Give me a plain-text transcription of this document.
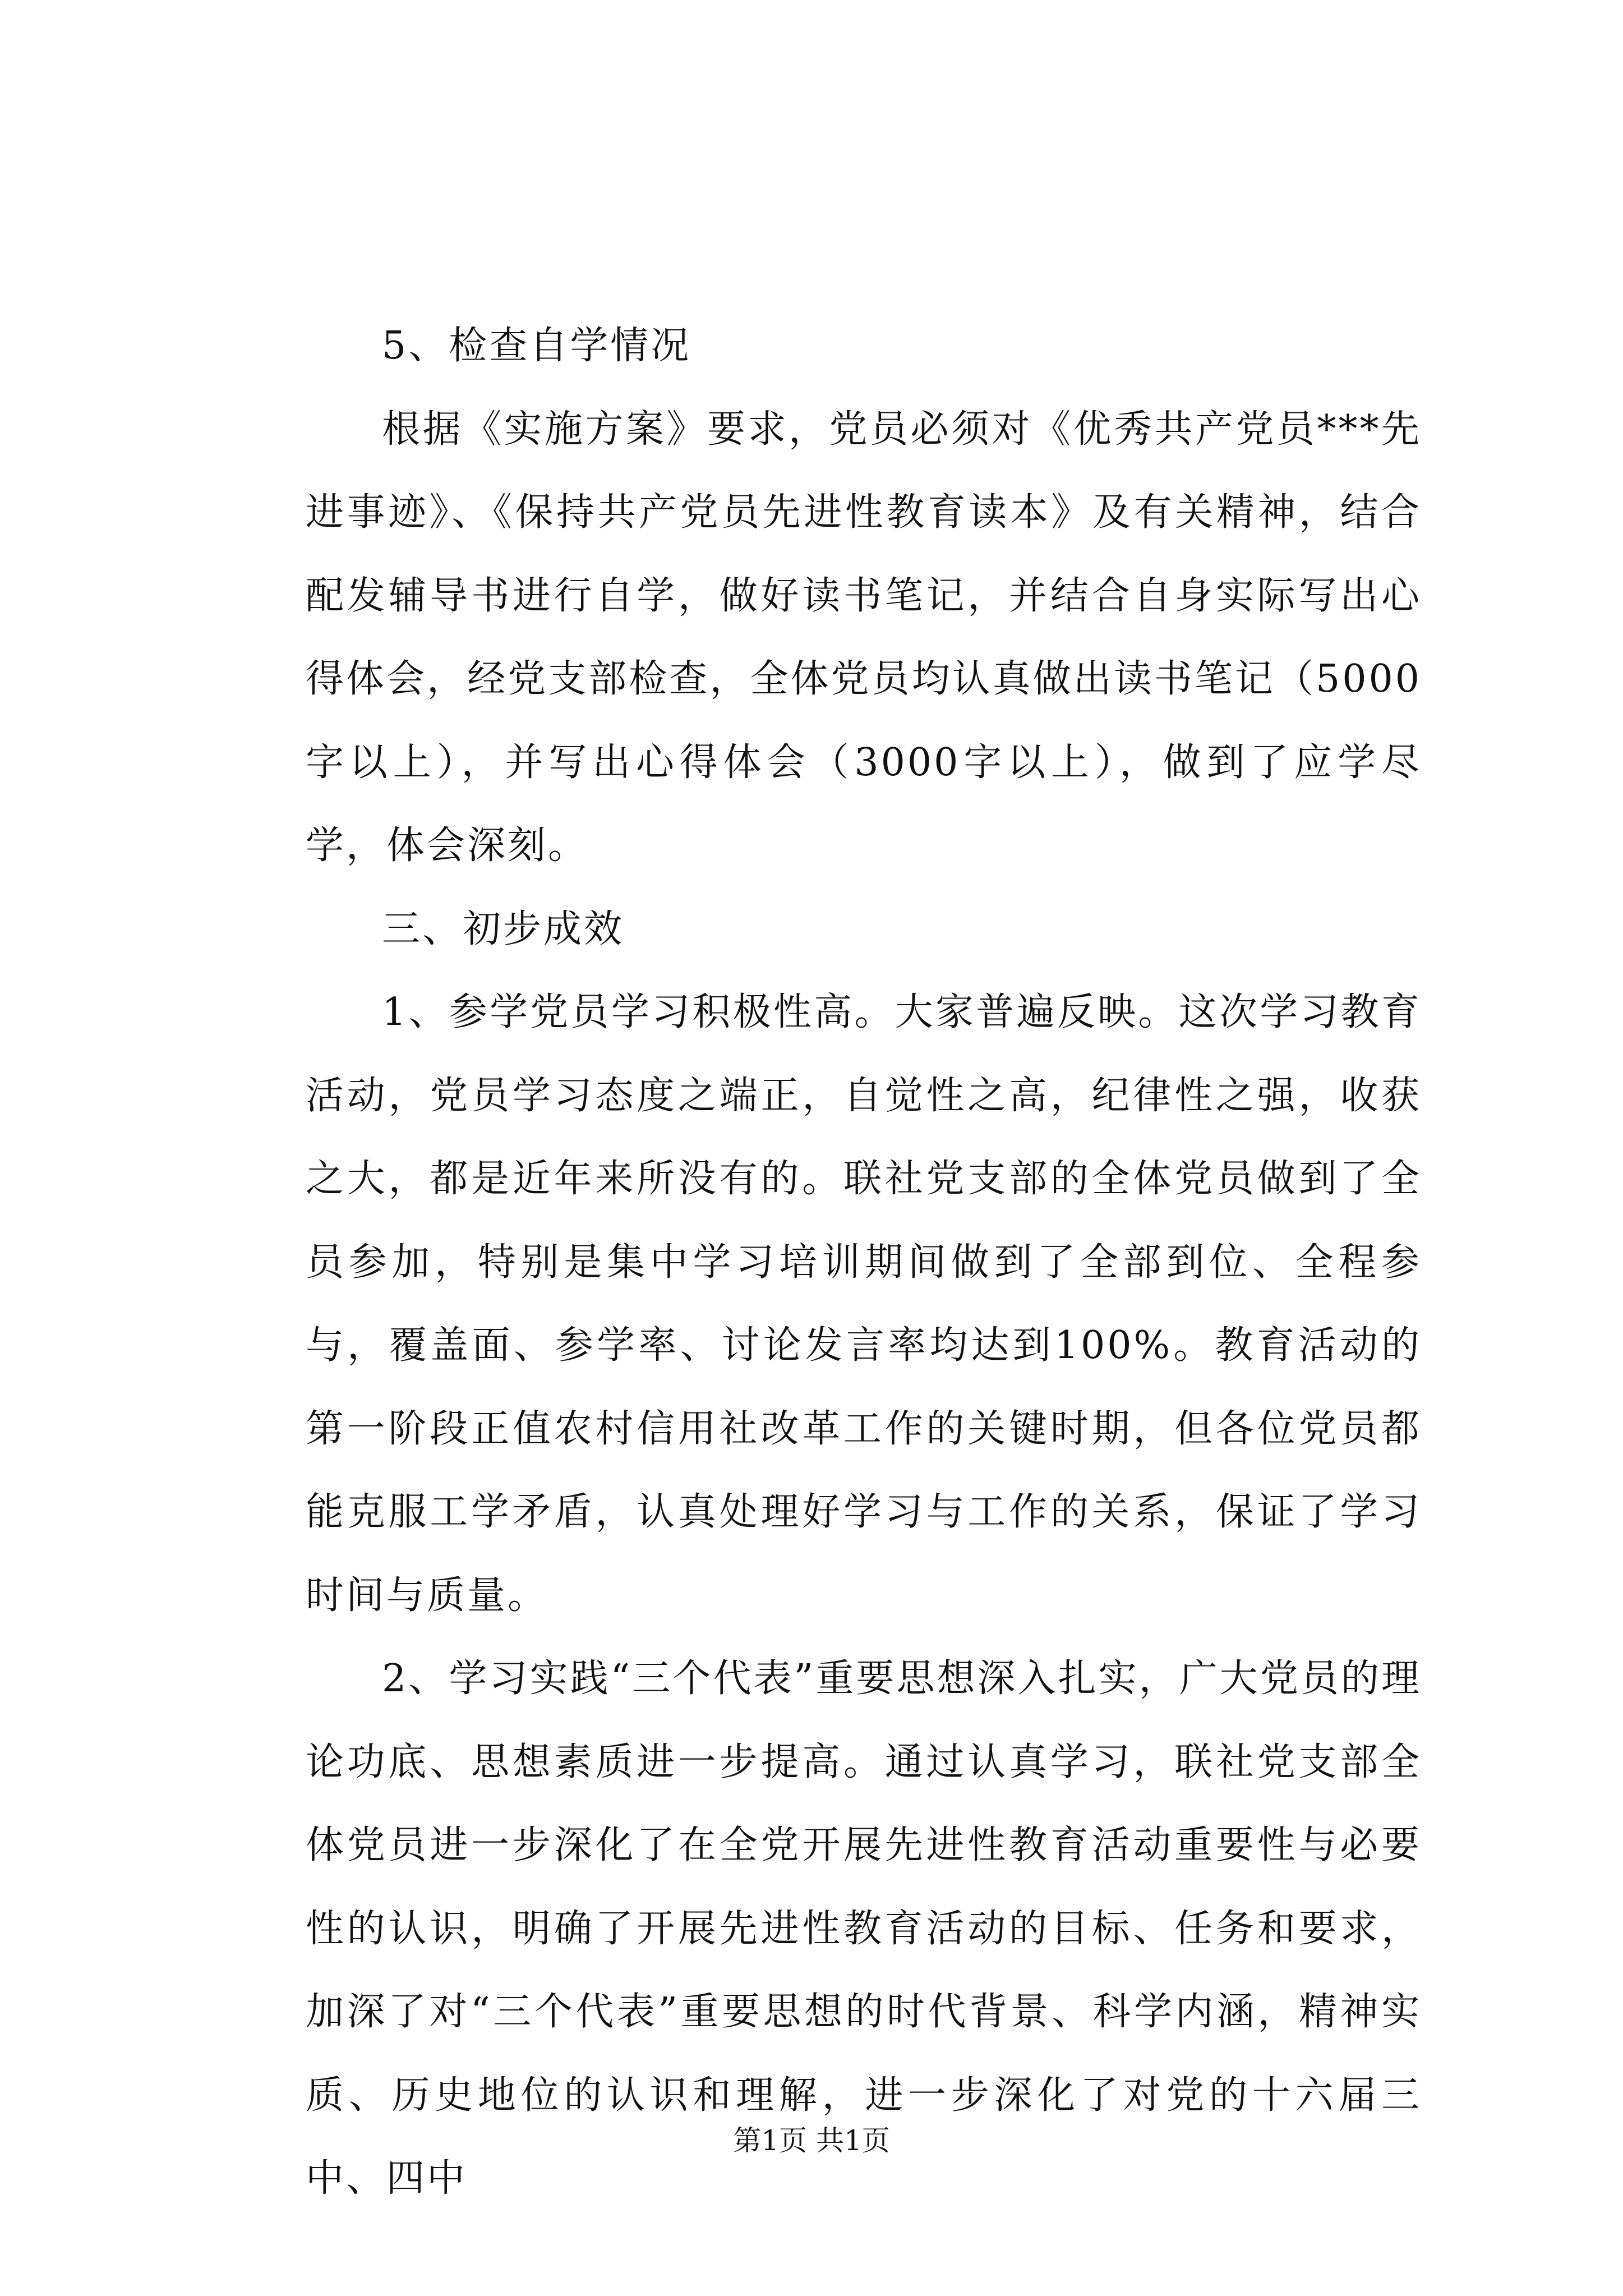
5、检查自学情况

根据《实施方案》要求，党员必须对《优秀共产党员***先进事迹》、《保持共产党员先进性教育读本》及有关精神，结合配发辅导书进行自学，做好读书笔记，并结合自身实际写出心得体会，经党支部检查，全体党员均认真做出读书笔记（5000字以上），并写出心得体会（3000字以上），做到了应学尽学，体会深刻。

三、初步成效

1、参学党员学习积极性高。大家普遍反映。这次学习教育活动，党员学习态度之端正，自觉性之高，纪律性之强，收获之大，都是近年来所没有的。联社党支部的全体党员做到了全员参加，特别是集中学习培训期间做到了全部到位、全程参与，覆盖面、参学率、讨论发言率均达到100%。教育活动的第一阶段正值农村信用社改革工作的关键时期，但各位党员都能克服工学矛盾，认真处理好学习与工作的关系，保证了学习时间与质量。

2、学习实践“三个代表”重要思想深入扎实，广大党员的理论功底、思想素质进一步提高。通过认真学习，联社党支部全体党员进一步深化了在全党开展先进性教育活动重要性与必要性的认识，明确了开展先进性教育活动的目标、任务和要求，加深了对“三个代表”重要思想的时代背景、科学内涵，精神实质、历史地位的认识和理解，进一步深化了对党的十六届三中、四中

第1页 共1页
